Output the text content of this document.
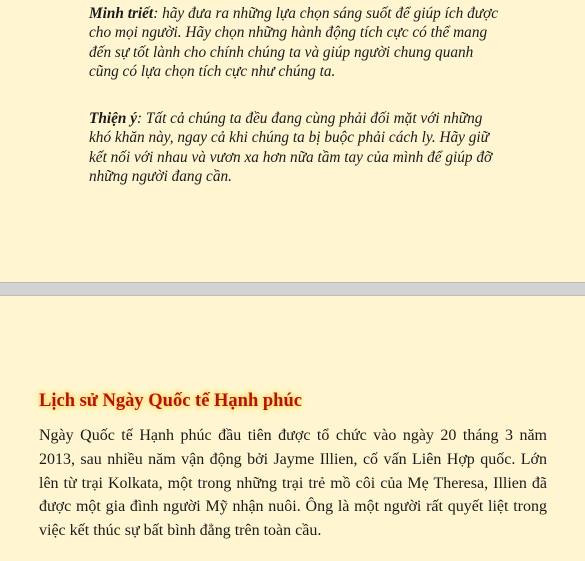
Minh triết: hãy đưa ra những lựa chọn sáng suốt để giúp ích được cho mọi người. Hãy chọn những hành động tích cực có thể mang đến sự tốt lành cho chính chúng ta và giúp người chung quanh cũng có lựa chọn tích cực như chúng ta.

Thiện ý: Tất cả chúng ta đều đang cùng phải đối mặt với những khó khăn này, ngay cả khi chúng ta bị buộc phải cách ly. Hãy giữ kết nối với nhau và vươn xa hơn nữa tầm tay của mình để giúp đỡ những người đang cần.

Lịch sử Ngày Quốc tế Hạnh phúc

Ngày Quốc tế Hạnh phúc đầu tiên được tổ chức vào ngày 20 tháng 3 năm 2013, sau nhiều năm vận động bởi Jayme Illien, cố vấn Liên Hợp quốc. Lớn lên từ trại Kolkata, một trong những trại trẻ mồ côi của Mẹ Theresa, Illien đã được một gia đình người Mỹ nhận nuôi. Ông là một người rất quyết liệt trong việc kết thúc sự bất bình đẳng trên toàn cầu.
